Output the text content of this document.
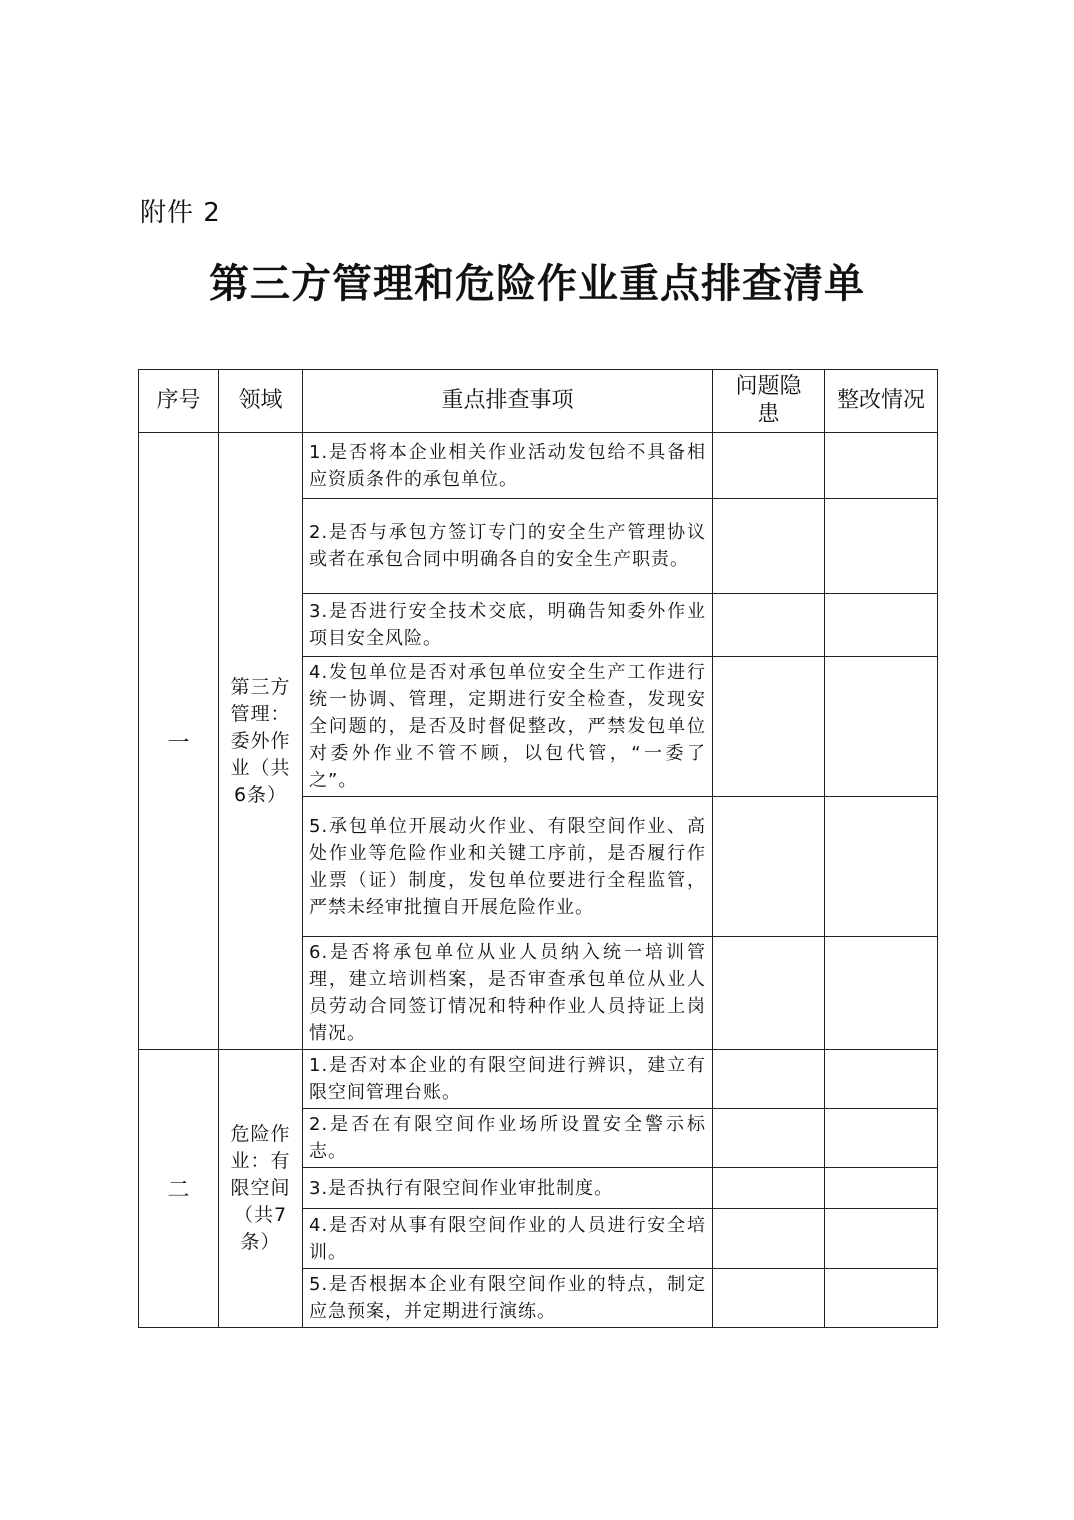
附件 2
第三方管理和危险作业重点排查清单
序号	领域	重点排查事项	问题隐患	整改情况
一	第三方管理：委外作业（共6条）	1.是否将本企业相关作业活动发包给不具备相应资质条件的承包单位。		
		2.是否与承包方签订专门的安全生产管理协议或者在承包合同中明确各自的安全生产职责。		
		3.是否进行安全技术交底，明确告知委外作业项目安全风险。		
		4.发包单位是否对承包单位安全生产工作进行统一协调、管理，定期进行安全检查，发现安全问题的，是否及时督促整改，严禁发包单位对委外作业不管不顾，以包代管，“一委了之”。		
		5.承包单位开展动火作业、有限空间作业、高处作业等危险作业和关键工序前，是否履行作业票（证）制度，发包单位要进行全程监管，严禁未经审批擅自开展危险作业。		
		6.是否将承包单位从业人员纳入统一培训管理，建立培训档案，是否审查承包单位从业人员劳动合同签订情况和特种作业人员持证上岗情况。		
二	危险作业：有限空间（共7条）	1.是否对本企业的有限空间进行辨识，建立有限空间管理台账。		
		2.是否在有限空间作业场所设置安全警示标志。		
		3.是否执行有限空间作业审批制度。		
		4.是否对从事有限空间作业的人员进行安全培训。		
		5.是否根据本企业有限空间作业的特点，制定应急预案，并定期进行演练。		
